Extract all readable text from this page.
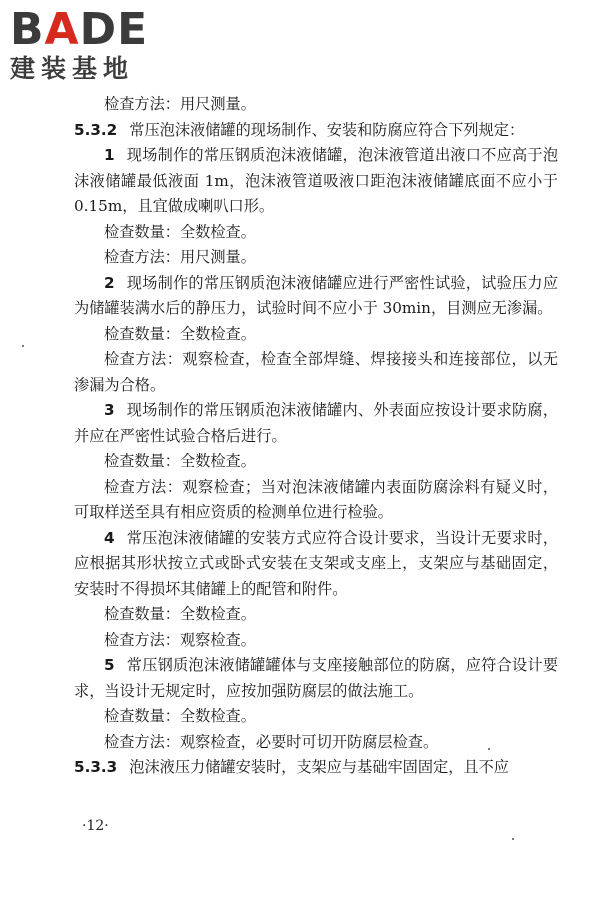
BADE
建装基地

检查方法：用尺测量。

5.3.2 常压泡沫液储罐的现场制作、安装和防腐应符合下列规定：

1 现场制作的常压钢质泡沫液储罐，泡沫液管道出液口不应高于泡沫液储罐最低液面 1m，泡沫液管道吸液口距泡沫液储罐底面不应小于 0.15m，且宜做成喇叭口形。

检查数量：全数检查。

检查方法：用尺测量。

2 现场制作的常压钢质泡沫液储罐应进行严密性试验，试验压力应为储罐装满水后的静压力，试验时间不应小于 30min，目测应无渗漏。

检查数量：全数检查。

检查方法：观察检查，检查全部焊缝、焊接接头和连接部位，以无渗漏为合格。

3 现场制作的常压钢质泡沫液储罐内、外表面应按设计要求防腐，并应在严密性试验合格后进行。

检查数量：全数检查。

检查方法：观察检查；当对泡沫液储罐内表面防腐涂料有疑义时，可取样送至具有相应资质的检测单位进行检验。

4 常压泡沫液储罐的安装方式应符合设计要求，当设计无要求时，应根据其形状按立式或卧式安装在支架或支座上，支架应与基础固定，安装时不得损坏其储罐上的配管和附件。

检查数量：全数检查。

检查方法：观察检查。

5 常压钢质泡沫液储罐罐体与支座接触部位的防腐，应符合设计要求，当设计无规定时，应按加强防腐层的做法施工。

检查数量：全数检查。

检查方法：观察检查，必要时可切开防腐层检查。

5.3.3 泡沫液压力储罐安装时，支架应与基础牢固固定，且不应

·12·
